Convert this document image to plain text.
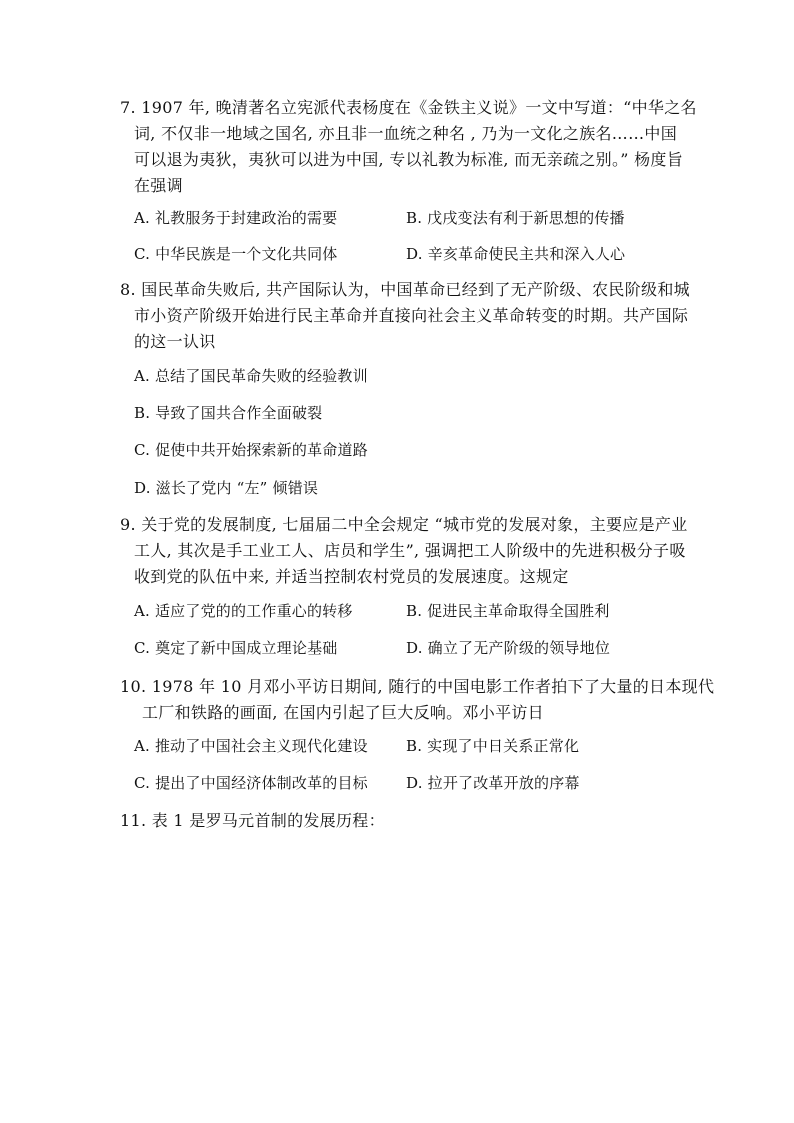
7. 1907 年, 晚清著名立宪派代表杨度在《金铁主义说》一文中写道：“中华之名

词, 不仅非一地域之国名, 亦且非一血统之种名 , 乃为一文化之族名……中国

可以退为夷狄，夷狄可以进为中国, 专以礼教为标准, 而无亲疏之别。” 杨度旨

在强调

A. 礼教服务于封建政治的需要	B. 戊戌变法有利于新思想的传播
C. 中华民族是一个文化共同体	D. 辛亥革命使民主共和深入人心

8. 国民革命失败后, 共产国际认为，中国革命已经到了无产阶级、农民阶级和城

市小资产阶级开始进行民主革命并直接向社会主义革命转变的时期。共产国际

的这一认识

A. 总结了国民革命失败的经验教训
B. 导致了国共合作全面破裂
C. 促使中共开始探索新的革命道路
D. 滋长了党内 “左” 倾错误

9. 关于党的发展制度, 七届届二中全会规定 “城市党的发展对象，主要应是产业

工人, 其次是手工业工人、店员和学生”, 强调把工人阶级中的先进积极分子吸

收到党的队伍中来, 并适当控制农村党员的发展速度。这规定

A. 适应了党的的工作重心的转移	B. 促进民主革命取得全国胜利
C. 奠定了新中国成立理论基础	D. 确立了无产阶级的领导地位

10. 1978 年 10 月邓小平访日期间, 随行的中国电影工作者拍下了大量的日本现代

工厂和铁路的画面, 在国内引起了巨大反响。邓小平访日

A. 推动了中国社会主义现代化建设	B. 实现了中日关系正常化
C. 提出了中国经济体制改革的目标	D. 拉开了改革开放的序幕

11. 表 1 是罗马元首制的发展历程：
